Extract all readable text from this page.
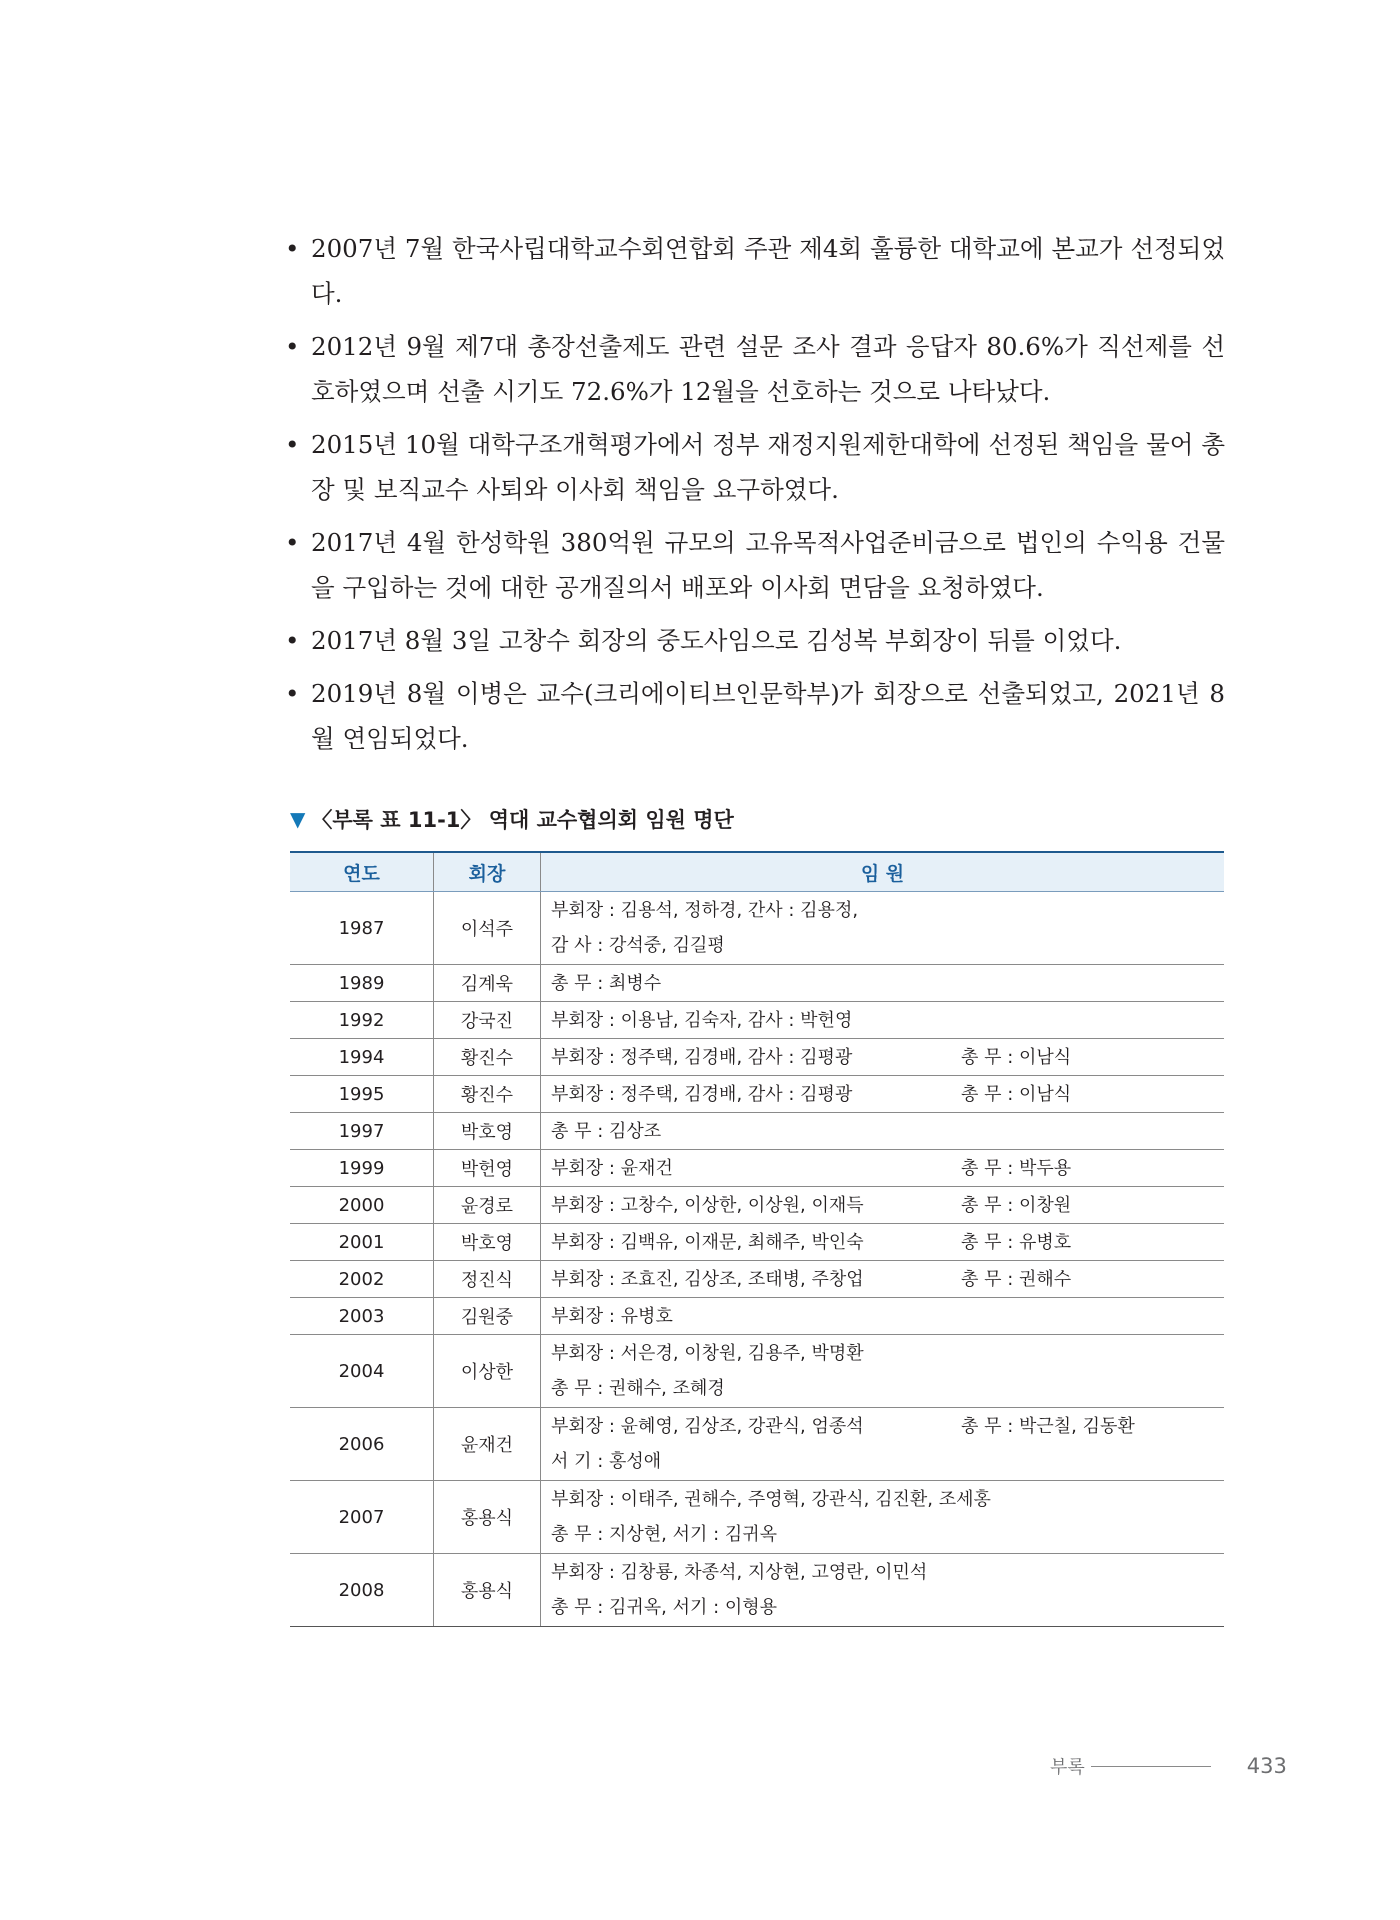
• 2007년 7월 한국사립대학교수회연합회 주관 제4회 훌륭한 대학교에 본교가 선정되었다.
• 2012년 9월 제7대 총장선출제도 관련 설문 조사 결과 응답자 80.6%가 직선제를 선호하였으며 선출 시기도 72.6%가 12월을 선호하는 것으로 나타났다.
• 2015년 10월 대학구조개혁평가에서 정부 재정지원제한대학에 선정된 책임을 물어 총장 및 보직교수 사퇴와 이사회 책임을 요구하였다.
• 2017년 4월 한성학원 380억원 규모의 고유목적사업준비금으로 법인의 수익용 건물을 구입하는 것에 대한 공개질의서 배포와 이사회 면담을 요청하였다.
• 2017년 8월 3일 고창수 회장의 중도사임으로 김성복 부회장이 뒤를 이었다.
• 2019년 8월 이병은 교수(크리에이티브인문학부)가 회장으로 선출되었고, 2021년 8월 연임되었다.
▼ 〈부록 표 11-1〉 역대 교수협의회 임원 명단
연도	회장	임 원
1987	이석주	부회장 : 김용석, 정하경, 간사 : 김용정,
감 사 : 강석중, 김길평

1989	김계욱	총 무 : 최병수

1992	강국진	부회장 : 이용남, 김숙자, 감사 : 박헌영

1994	황진수	부회장 : 정주택, 김경배, 감사 : 김평광 총 무 : 이남식

1995	황진수	부회장 : 정주택, 김경배, 감사 : 김평광 총 무 : 이남식

1997	박호영	총 무 : 김상조

1999	박헌영	부회장 : 윤재건 총 무 : 박두용

2000	윤경로	부회장 : 고창수, 이상한, 이상원, 이재득 총 무 : 이창원

2001	박호영	부회장 : 김백유, 이재문, 최해주, 박인숙 총 무 : 유병호

2002	정진식	부회장 : 조효진, 김상조, 조태병, 주창업 총 무 : 권해수

2003	김원중	부회장 : 유병호

2004	이상한	부회장 : 서은경, 이창원, 김용주, 박명환
총 무 : 권해수, 조혜경

2006	윤재건	부회장 : 윤혜영, 김상조, 강관식, 엄종석 총 무 : 박근칠, 김동환
서 기 : 홍성애

2007	홍용식	부회장 : 이태주, 권해수, 주영혁, 강관식, 김진환, 조세홍
총 무 : 지상현, 서기 : 김귀옥

2008	홍용식	부회장 : 김창룡, 차종석, 지상현, 고영란, 이민석
총 무 : 김귀옥, 서기 : 이형용
부록	433
